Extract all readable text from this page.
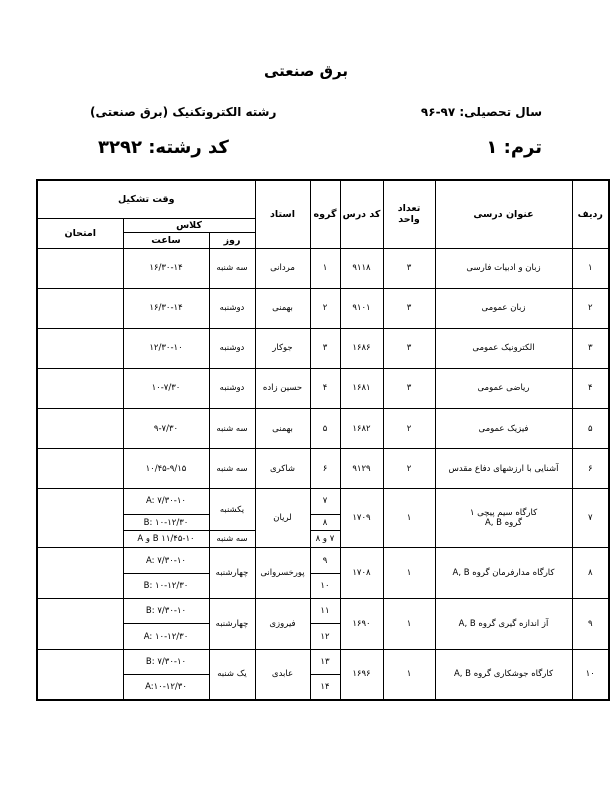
برق صنعتی
رشته الکتروتکنیک (برق صنعتی)	سال تحصیلی: ۹۷-۹۶
کد رشته: ۳۲۹۲	ترم: ۱
ردیف	عنوان درسی	تعداد واحد	کد درس	گروه	استاد	وقت تشکیل		
						کلاس		امتحان
						روز	ساعت	
۱	زبان و ادبیات فارسی	۳	۹۱۱۸	۱	مردانی	سه شنبه	۱۶/۳۰-۱۴	
۲	زبان عمومی	۳	۹۱۰۱	۲	بهمنی	دوشنبه	۱۶/۳۰-۱۴	
۳	الکترونیک عمومی	۳	۱۶۸۶	۳	جوکار	دوشنبه	۱۲/۳۰-۱۰	
۴	ریاضی عمومی	۳	۱۶۸۱	۴	حسین زاده	دوشنبه	۱۰-۷/۳۰	
۵	فیزیک عمومی	۲	۱۶۸۲	۵	بهمنی	سه شنبه	۹-۷/۳۰	
۶	آشنایی با ارزشهای دفاع مقدس	۲	۹۱۲۹	۶	شاکری	سه شنبه	۱۰/۴۵-۹/۱۵	
۷	کارگاه سیم پیچی ۱
گروه A, B	۱	۱۷۰۹	۷	لریان	یکشنبه	A: ۷/۳۰-۱۰	
				۸			B: ۱۰-۱۲/۳۰	
				۷ و ۸		سه شنبه	A و B ۱۱/۴۵-۱۰	
۸	کارگاه مدارفرمان گروه A, B	۱	۱۷۰۸	۹	پورخسروانی	چهارشنبه	A: ۷/۳۰-۱۰	
				۱۰			B: ۱۰-۱۲/۳۰	
۹	آز اندازه گیری گروه A, B	۱	۱۶۹۰	۱۱	فیروزی	چهارشنبه	B: ۷/۳۰-۱۰	
				۱۲			A: ۱۰-۱۲/۳۰	
۱۰	کارگاه جوشکاری گروه A, B	۱	۱۶۹۶	۱۳	عابدی	یک شنبه	B: ۷/۳۰-۱۰	
				۱۴			A:۱۰-۱۲/۳۰	
